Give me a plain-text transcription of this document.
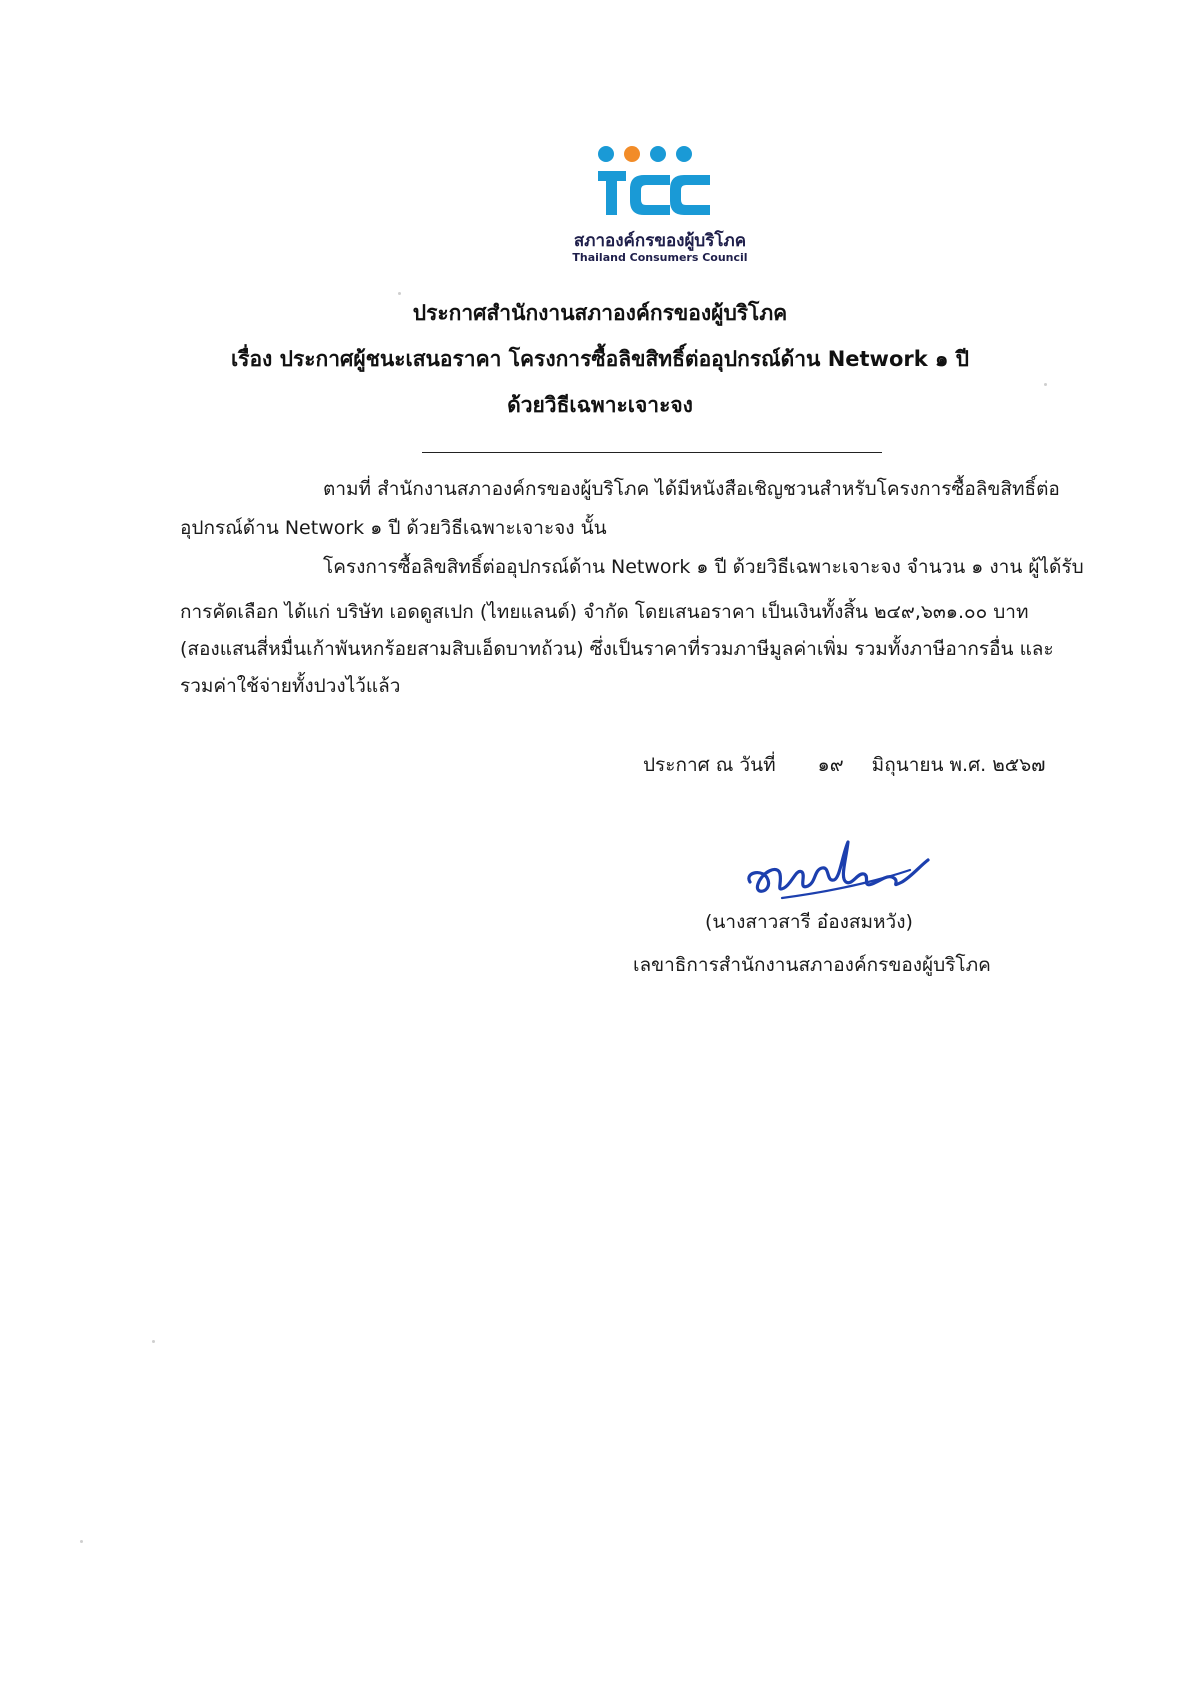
สภาองค์กรของผู้บริโภค
Thailand Consumers Council
ประกาศสำนักงานสภาองค์กรของผู้บริโภค
เรื่อง ประกาศผู้ชนะเสนอราคา โครงการซื้อลิขสิทธิ์ต่ออุปกรณ์ด้าน Network ๑ ปี
ด้วยวิธีเฉพาะเจาะจง
ตามที่ สำนักงานสภาองค์กรของผู้บริโภค ได้มีหนังสือเชิญชวนสำหรับโครงการซื้อลิขสิทธิ์ต่อ
อุปกรณ์ด้าน Network ๑ ปี ด้วยวิธีเฉพาะเจาะจง นั้น
โครงการซื้อลิขสิทธิ์ต่ออุปกรณ์ด้าน Network ๑ ปี ด้วยวิธีเฉพาะเจาะจง จำนวน ๑ งาน ผู้ได้รับ
การคัดเลือก ได้แก่ บริษัท เอดดูสเปก (ไทยแลนด์) จำกัด โดยเสนอราคา เป็นเงินทั้งสิ้น ๒๔๙,๖๓๑.๐๐ บาท
(สองแสนสี่หมื่นเก้าพันหกร้อยสามสิบเอ็ดบาทถ้วน) ซึ่งเป็นราคาที่รวมภาษีมูลค่าเพิ่ม รวมทั้งภาษีอากรอื่น และ
รวมค่าใช้จ่ายทั้งปวงไว้แล้ว
ประกาศ ณ วันที่ ๑๙ มิถุนายน พ.ศ. ๒๕๖๗
(นางสาวสารี อ๋องสมหวัง)
เลขาธิการสำนักงานสภาองค์กรของผู้บริโภค
